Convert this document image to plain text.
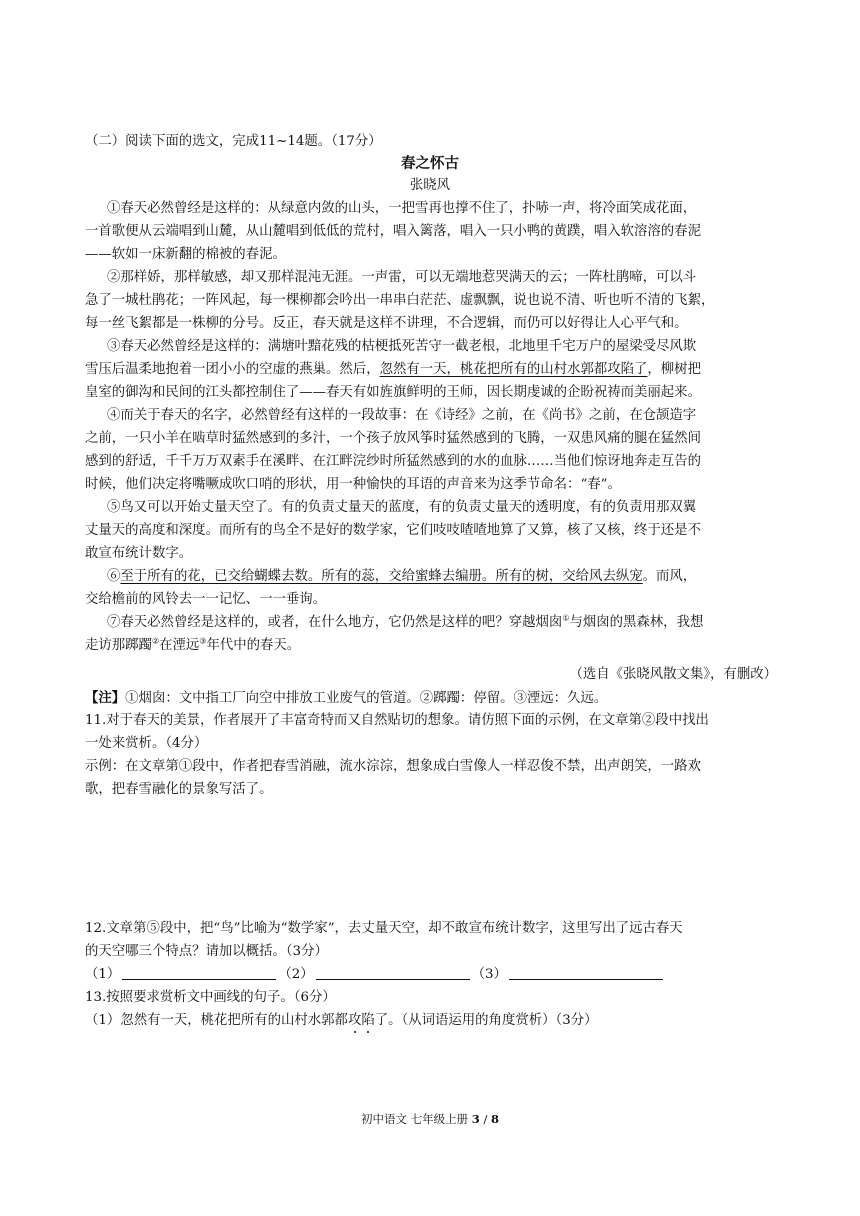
（二）阅读下面的选文，完成11~14题。（17分）
春之怀古
张晓风
①春天必然曾经是这样的：从绿意内敛的山头，一把雪再也撑不住了，扑哧一声，将冷面笑成花面，
一首歌便从云端唱到山麓，从山麓唱到低低的荒村，唱入篱落，唱入一只小鸭的黄蹼，唱入软溶溶的春泥
——软如一床新翻的棉被的春泥。
②那样娇，那样敏感，却又那样混沌无涯。一声雷，可以无端地惹哭满天的云；一阵杜鹃啼，可以斗
急了一城杜鹃花；一阵风起，每一棵柳都会吟出一串串白茫茫、虚飘飘，说也说不清、听也听不清的飞絮，
每一丝飞絮都是一株柳的分号。反正，春天就是这样不讲理，不合逻辑，而仍可以好得让人心平气和。
③春天必然曾经是这样的：满塘叶黯花残的枯梗抵死苦守一截老根，北地里千宅万户的屋梁受尽风欺
雪压后温柔地抱着一团小小的空虚的燕巢。然后，忽然有一天，桃花把所有的山村水郭都攻陷了，柳树把
皇室的御沟和民间的江头都控制住了——春天有如旌旗鲜明的王师，因长期虔诚的企盼祝祷而美丽起来。
④而关于春天的名字，必然曾经有这样的一段故事：在《诗经》之前，在《尚书》之前，在仓颉造字
之前，一只小羊在啮草时猛然感到的多汁，一个孩子放风筝时猛然感到的飞腾，一双患风痛的腿在猛然间
感到的舒适，千千万万双素手在溪畔、在江畔浣纱时所猛然感到的水的血脉……当他们惊讶地奔走互告的
时候，他们决定将嘴噘成吹口哨的形状，用一种愉快的耳语的声音来为这季节命名：“春”。
⑤鸟又可以开始丈量天空了。有的负责丈量天的蓝度，有的负责丈量天的透明度，有的负责用那双翼
丈量天的高度和深度。而所有的鸟全不是好的数学家，它们吱吱喳喳地算了又算，核了又核，终于还是不
敢宣布统计数字。
⑥至于所有的花，已交给蝴蝶去数。所有的蕊，交给蜜蜂去编册。所有的树，交给风去纵宠。而风，
交给檐前的风铃去一一记忆、一一垂询。
⑦春天必然曾经是这样的，或者，在什么地方，它仍然是这样的吧？穿越烟囱①与烟囱的黑森林，我想
走访那踯躅②在湮远③年代中的春天。
（选自《张晓风散文集》，有删改）
【注】①烟囱：文中指工厂向空中排放工业废气的管道。②踯躅：停留。③湮远：久远。
11.对于春天的美景，作者展开了丰富奇特而又自然贴切的想象。请仿照下面的示例，在文章第②段中找出
一处来赏析。（4分）
示例：在文章第①段中，作者把春雪消融，流水淙淙，想象成白雪像人一样忍俊不禁，出声朗笑，一路欢
歌，把春雪融化的景象写活了。
12.文章第⑤段中，把“鸟”比喻为“数学家”，去丈量天空，却不敢宣布统计数字，这里写出了远古春天
的天空哪三个特点？请加以概括。（3分）
（1）	（2）	（3）
13.按照要求赏析文中画线的句子。（6分）
（1）忽然有一天，桃花把所有的山村水郭都攻陷了。（从词语运用的角度赏析）（3分）
初中语文 七年级上册 3 / 8
